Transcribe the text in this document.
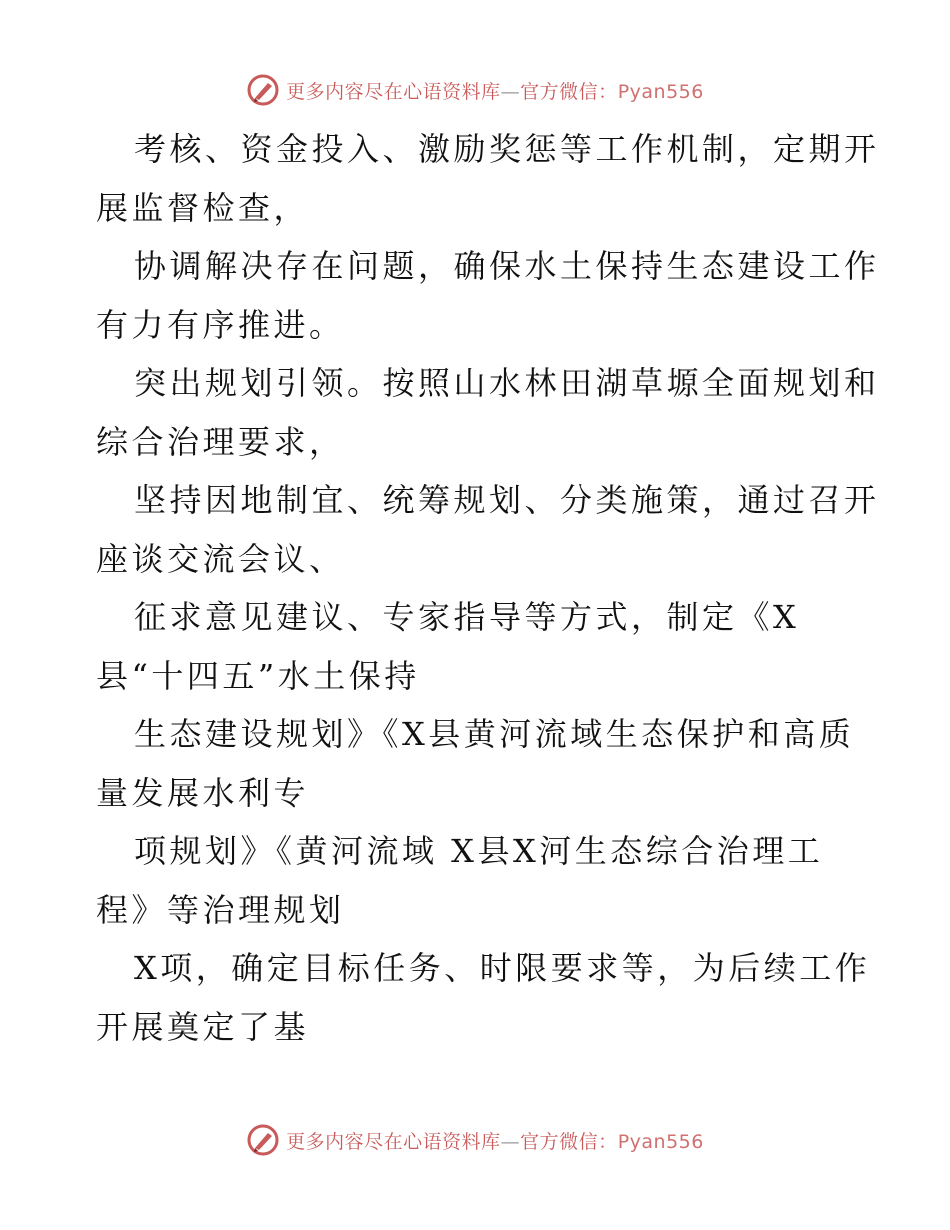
更多内容尽在心语资料库—官方微信：Pyan556
考核、资金投入、激励奖惩等工作机制，定期开
展监督检查，
协调解决存在问题，确保水土保持生态建设工作
有力有序推进。
突出规划引领。按照山水林田湖草塬全面规划和
综合治理要求，
坚持因地制宜、统筹规划、分类施策，通过召开
座谈交流会议、
征求意见建议、专家指导等方式，制定《X
县“十四五”水土保持
生态建设规划》《X县黄河流域生态保护和高质
量发展水利专
项规划》《黄河流域 X县X河生态综合治理工
程》等治理规划
X项，确定目标任务、时限要求等，为后续工作
开展奠定了基
更多内容尽在心语资料库—官方微信：Pyan556
